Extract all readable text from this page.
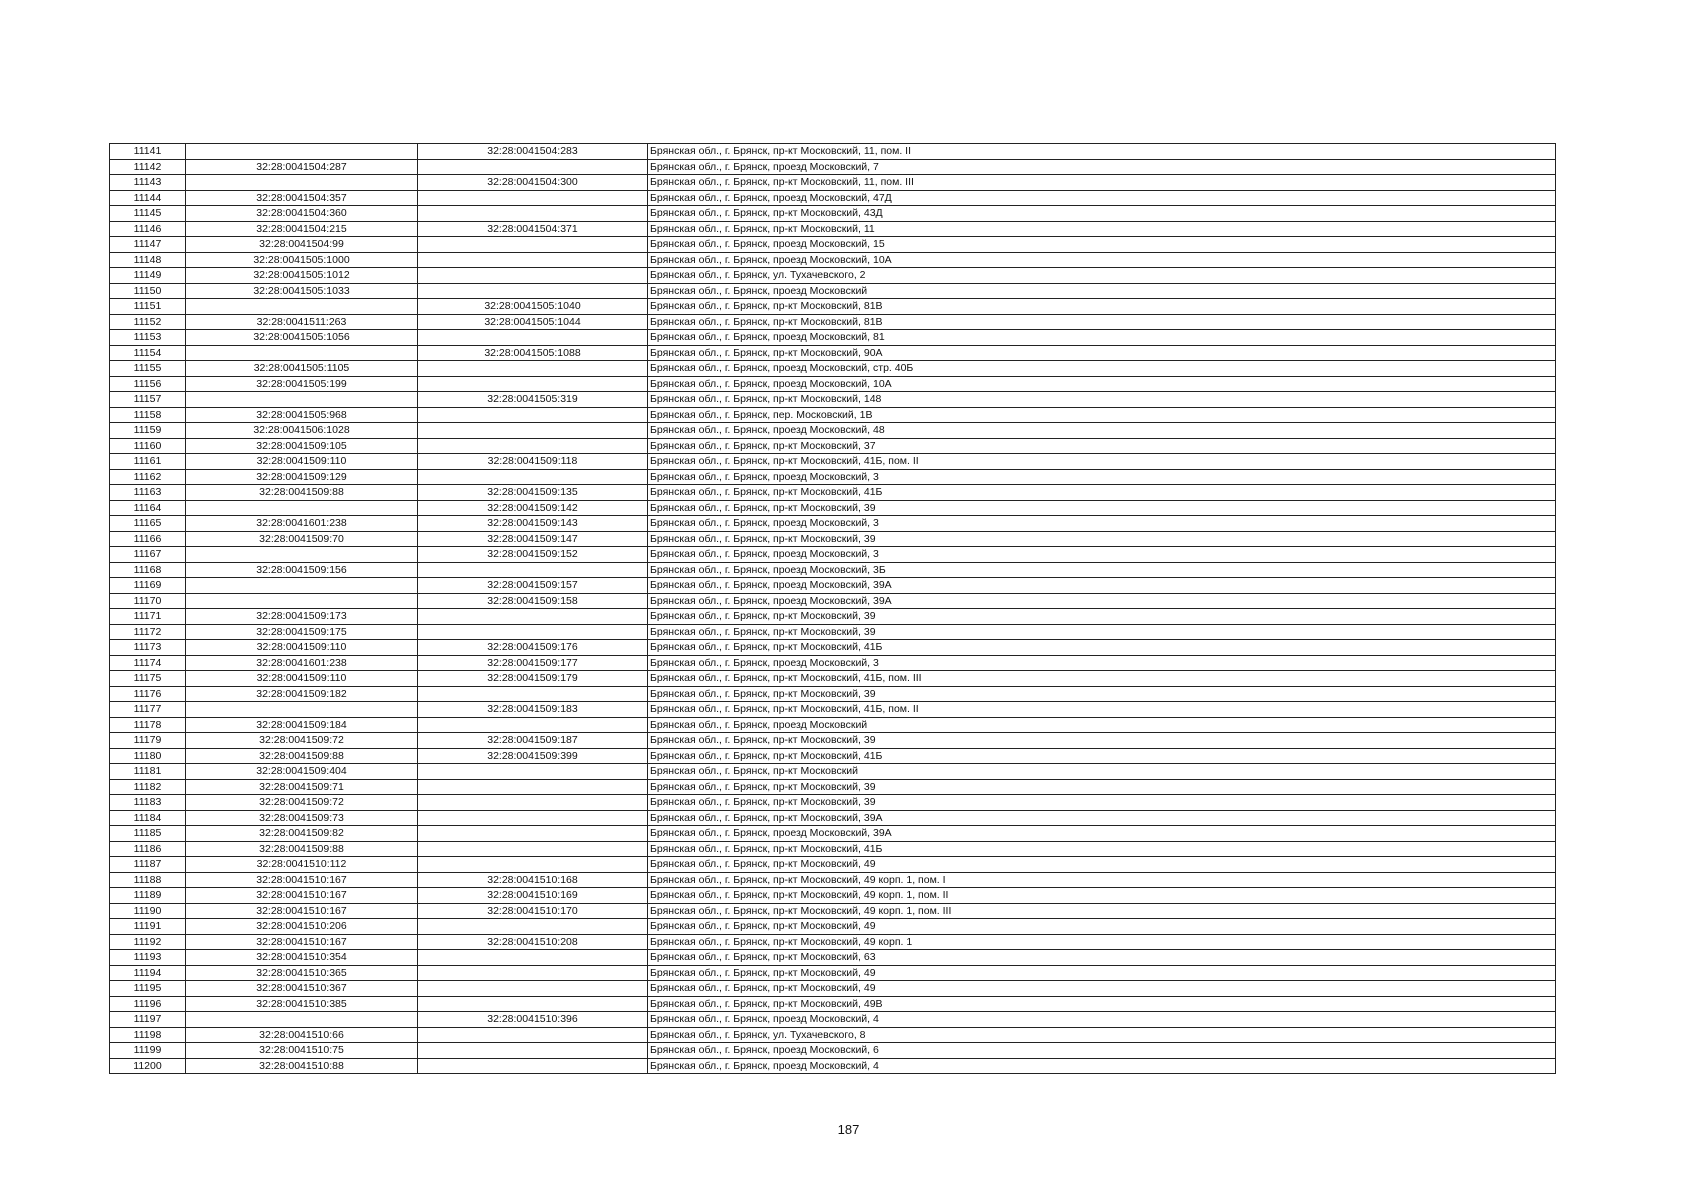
11141		32:28:0041504:283	Брянская обл., г. Брянск, пр-кт Московский, 11, пом. II
11142	32:28:0041504:287		Брянская обл., г. Брянск, проезд Московский, 7
11143		32:28:0041504:300	Брянская обл., г. Брянск, пр-кт Московский, 11, пом. III
11144	32:28:0041504:357		Брянская обл., г. Брянск, проезд Московский, 47Д
11145	32:28:0041504:360		Брянская обл., г. Брянск, пр-кт Московский, 43Д
11146	32:28:0041504:215	32:28:0041504:371	Брянская обл., г. Брянск, пр-кт Московский, 11
11147	32:28:0041504:99		Брянская обл., г. Брянск, проезд Московский, 15
11148	32:28:0041505:1000		Брянская обл., г. Брянск, проезд Московский, 10А
11149	32:28:0041505:1012		Брянская обл., г. Брянск, ул. Тухачевского, 2
11150	32:28:0041505:1033		Брянская обл., г. Брянск, проезд Московский
11151		32:28:0041505:1040	Брянская обл., г. Брянск, пр-кт Московский, 81В
11152	32:28:0041511:263	32:28:0041505:1044	Брянская обл., г. Брянск, пр-кт Московский, 81В
11153	32:28:0041505:1056		Брянская обл., г. Брянск, проезд Московский, 81
11154		32:28:0041505:1088	Брянская обл., г. Брянск, пр-кт Московский, 90А
11155	32:28:0041505:1105		Брянская обл., г. Брянск, проезд Московский, стр. 40Б
11156	32:28:0041505:199		Брянская обл., г. Брянск, проезд Московский, 10А
11157		32:28:0041505:319	Брянская обл., г. Брянск, пр-кт Московский, 148
11158	32:28:0041505:968		Брянская обл., г. Брянск, пер. Московский, 1В
11159	32:28:0041506:1028		Брянская обл., г. Брянск, проезд Московский, 48
11160	32:28:0041509:105		Брянская обл., г. Брянск, пр-кт Московский, 37
11161	32:28:0041509:110	32:28:0041509:118	Брянская обл., г. Брянск, пр-кт Московский, 41Б, пом. II
11162	32:28:0041509:129		Брянская обл., г. Брянск, проезд Московский, 3
11163	32:28:0041509:88	32:28:0041509:135	Брянская обл., г. Брянск, пр-кт Московский, 41Б
11164		32:28:0041509:142	Брянская обл., г. Брянск, пр-кт Московский, 39
11165	32:28:0041601:238	32:28:0041509:143	Брянская обл., г. Брянск, проезд Московский, 3
11166	32:28:0041509:70	32:28:0041509:147	Брянская обл., г. Брянск, пр-кт Московский, 39
11167		32:28:0041509:152	Брянская обл., г. Брянск, проезд Московский, 3
11168	32:28:0041509:156		Брянская обл., г. Брянск, проезд Московский, 3Б
11169		32:28:0041509:157	Брянская обл., г. Брянск, проезд Московский, 39А
11170		32:28:0041509:158	Брянская обл., г. Брянск, проезд Московский, 39А
11171	32:28:0041509:173		Брянская обл., г. Брянск, пр-кт Московский, 39
11172	32:28:0041509:175		Брянская обл., г. Брянск, пр-кт Московский, 39
11173	32:28:0041509:110	32:28:0041509:176	Брянская обл., г. Брянск, пр-кт Московский, 41Б
11174	32:28:0041601:238	32:28:0041509:177	Брянская обл., г. Брянск, проезд Московский, 3
11175	32:28:0041509:110	32:28:0041509:179	Брянская обл., г. Брянск, пр-кт Московский, 41Б, пом. III
11176	32:28:0041509:182		Брянская обл., г. Брянск, пр-кт Московский, 39
11177		32:28:0041509:183	Брянская обл., г. Брянск, пр-кт Московский, 41Б, пом. II
11178	32:28:0041509:184		Брянская обл., г. Брянск, проезд Московский
11179	32:28:0041509:72	32:28:0041509:187	Брянская обл., г. Брянск, пр-кт Московский, 39
11180	32:28:0041509:88	32:28:0041509:399	Брянская обл., г. Брянск, пр-кт Московский, 41Б
11181	32:28:0041509:404		Брянская обл., г. Брянск, пр-кт Московский
11182	32:28:0041509:71		Брянская обл., г. Брянск, пр-кт Московский, 39
11183	32:28:0041509:72		Брянская обл., г. Брянск, пр-кт Московский, 39
11184	32:28:0041509:73		Брянская обл., г. Брянск, пр-кт Московский, 39А
11185	32:28:0041509:82		Брянская обл., г. Брянск, проезд Московский, 39А
11186	32:28:0041509:88		Брянская обл., г. Брянск, пр-кт Московский, 41Б
11187	32:28:0041510:112		Брянская обл., г. Брянск, пр-кт Московский, 49
11188	32:28:0041510:167	32:28:0041510:168	Брянская обл., г. Брянск, пр-кт Московский, 49 корп. 1, пом. I
11189	32:28:0041510:167	32:28:0041510:169	Брянская обл., г. Брянск, пр-кт Московский, 49 корп. 1, пом. II
11190	32:28:0041510:167	32:28:0041510:170	Брянская обл., г. Брянск, пр-кт Московский, 49 корп. 1, пом. III
11191	32:28:0041510:206		Брянская обл., г. Брянск, пр-кт Московский, 49
11192	32:28:0041510:167	32:28:0041510:208	Брянская обл., г. Брянск, пр-кт Московский, 49 корп. 1
11193	32:28:0041510:354		Брянская обл., г. Брянск, пр-кт Московский, 63
11194	32:28:0041510:365		Брянская обл., г. Брянск, пр-кт Московский, 49
11195	32:28:0041510:367		Брянская обл., г. Брянск, пр-кт Московский, 49
11196	32:28:0041510:385		Брянская обл., г. Брянск, пр-кт Московский, 49В
11197		32:28:0041510:396	Брянская обл., г. Брянск, проезд Московский, 4
11198	32:28:0041510:66		Брянская обл., г. Брянск, ул. Тухачевского, 8
11199	32:28:0041510:75		Брянская обл., г. Брянск, проезд Московский, 6
11200	32:28:0041510:88		Брянская обл., г. Брянск, проезд Московский, 4
187
